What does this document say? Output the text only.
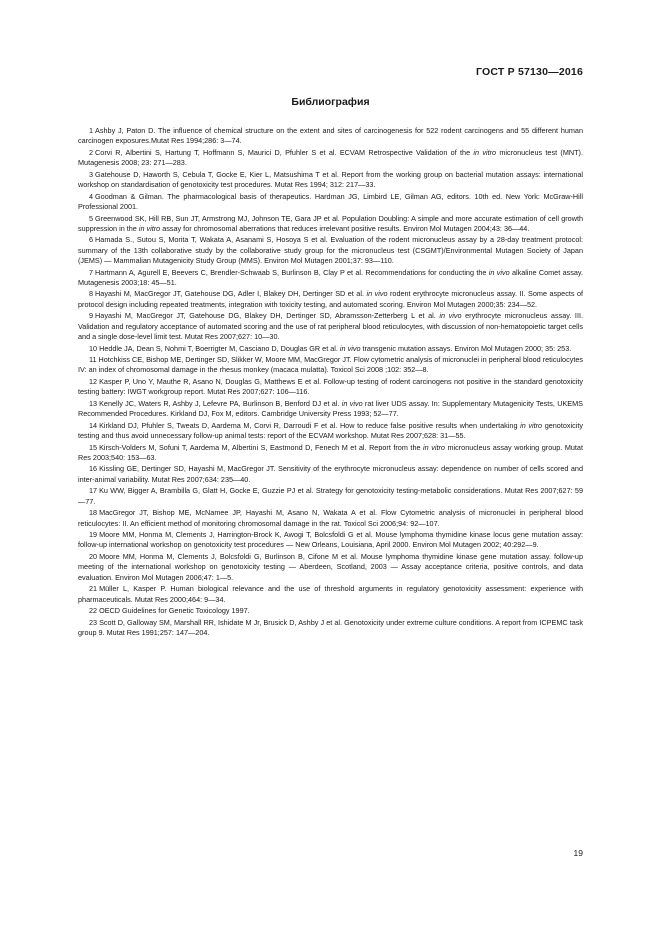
ГОСТ Р 57130—2016
Библиография

1 Ashby J, Paton D. The influence of chemical structure on the extent and sites of carcinogenesis for 522 rodent carcinogens and 55 different human carcinogen exposures.Mutat Res 1994;286: 3—74.

2 Corvi R, Albertini S, Hartung T, Hoffmann S, Maurici D, Pfuhler S et al. ECVAM Retrospective Validation of the in vitro micronucleus test (MNT). Mutagenesis 2008; 23: 271—283.

3 Gatehouse D, Haworth S, Cebula T, Gocke E, Kier L, Matsushima T et al. Report from the working group on bacterial mutation assays: international workshop on standardisation of genotoxicity test procedures. Mutat Res 1994; 312: 217—33.

4 Goodman & Gilman. The pharmacological basis of therapeutics. Hardman JG, Limbird LE, Gilman AG, editors. 10th ed. New York: McGraw-Hill Professional 2001.

5 Greenwood SK, Hill RB, Sun JT, Armstrong MJ, Johnson TE, Gara JP et al. Population Doubling: A simple and more accurate estimation of cell growth suppression in the in vitro assay for chromosomal aberrations that reduces irrelevant positive results. Environ Mol Mutagen 2004;43: 36—44.

6 Hamada S., Sutou S, Morita T, Wakata A, Asanami S, Hosoya S et al. Evaluation of the rodent micronucleus assay by a 28-day treatment protocol: summary of the 13th collaborative study by the collaborative study group for the micronucleus test (CSGMT)/Environmental Mutagen Society of Japan (JEMS) — Mammalian Mutagenicity Study Group (MMS). Environ Mol Mutagen 2001;37: 93—110.

7 Hartmann A, Agurell E, Beevers C, Brendler-Schwaab S, Burlinson B, Clay P et al. Recommendations for conducting the in vivo alkaline Comet assay. Mutagenesis 2003;18: 45—51.

8 Hayashi M, MacGregor JT, Gatehouse DG, Adler I, Blakey DH, Dertinger SD et al. in vivo rodent erythrocyte micronucleus assay. II. Some aspects of protocol design including repeated treatments, integration with toxicity testing, and automated scoring. Environ Mol Mutagen 2000;35: 234—52.

9 Hayashi M, MacGregor JT, Gatehouse DG, Blakey DH, Dertinger SD, Abramsson-Zetterberg L et al. in vivo erythrocyte micronucleus assay. III. Validation and regulatory acceptance of automated scoring and the use of rat peripheral blood reticulocytes, with discussion of non-hematopoietic target cells and a single dose-level limit test. Mutat Res 2007;627: 10—30.

10 Heddle JA, Dean S, Nohmi T, Boerrigter M, Casciano D, Douglas GR et al. in vivo transgenic mutation assays. Environ Mol Mutagen 2000; 35: 253.

11 Hotchkiss CE, Bishop ME, Dertinger SD, Slikker W, Moore MM, MacGregor JT. Flow cytometric analysis of micronuclei in peripheral blood reticulocytes IV: an index of chromosomal damage in the rhesus monkey (macaca mulatta). Toxicol Sci 2008 ;102: 352—8.

12 Kasper P, Uno Y, Mauthe R, Asano N, Douglas G, Matthews E et al. Follow-up testing of rodent carcinogens not positive in the standard genotoxicity testing battery: IWGT workgroup report. Mutat Res 2007;627: 106—116.

13 Kenelly JC, Waters R, Ashby J, Lefevre PA, Burlinson B, Benford DJ et al. in vivo rat liver UDS assay. In: Supplementary Mutagenicity Tests, UKEMS Recommended Procedures. Kirkland DJ, Fox M, editors. Cambridge University Press 1993; 52—77.

14 Kirkland DJ, Pfuhler S, Tweats D, Aardema M, Corvi R, Darroudi F et al. How to reduce false positive results when undertaking in vitro genotoxicity testing and thus avoid unnecessary follow-up animal tests: report of the ECVAM workshop. Mutat Res 2007;628: 31—55.

15 Kirsch-Volders M, Sofuni T, Aardema M, Albertini S, Eastmond D, Fenech M et al. Report from the in vitro micronucleus assay working group. Mutat Res 2003;540: 153—63.

16 Kissling GE, Dertinger SD, Hayashi M, MacGregor JT. Sensitivity of the erythrocyte micronucleus assay: dependence on number of cells scored and inter-animal variability. Mutat Res 2007;634: 235—40.

17 Ku WW, Bigger A, Brambilla G, Glatt H, Gocke E, Guzzie PJ et al. Strategy for genotoxicity testing-metabolic considerations. Mutat Res 2007;627: 59—77.

18 MacGregor JT, Bishop ME, McNamee JP, Hayashi M, Asano N, Wakata A et al. Flow Cytometric analysis of micronuclei in peripheral blood reticulocytes: II. An efficient method of monitoring chromosomal damage in the rat. Toxicol Sci 2006;94: 92—107.

19 Moore MM, Honma M, Clements J, Harrington-Brock K, Awogi T, Bolcsfoldi G et al. Mouse lymphoma thymidine kinase locus gene mutation assay: follow-up international workshop on genotoxicity test procedures — New Orleans, Louisiana, April 2000. Environ Mol Mutagen 2002; 40:292—9.

20 Moore MM, Honma M, Clements J, Bolcsfoldi G, Burlinson B, Cifone M et al. Mouse lymphoma thymidine kinase gene mutation assay. follow-up meeting of the international workshop on genotoxicity testing — Aberdeen, Scotland, 2003 — Assay acceptance criteria, positive controls, and data evaluation. Environ Mol Mutagen 2006;47: 1—5.

21 Müller L, Kasper P. Human biological relevance and the use of threshold arguments in regulatory genotoxicity assessment: experience with pharmaceuticals. Mutat Res 2000;464: 9—34.

22 OECD Guidelines for Genetic Toxicology 1997.

23 Scott D, Galloway SM, Marshall RR, Ishidate M Jr, Brusick D, Ashby J et al. Genotoxicity under extreme culture conditions. A report from ICPEMC task group 9. Mutat Res 1991;257: 147—204.

19
